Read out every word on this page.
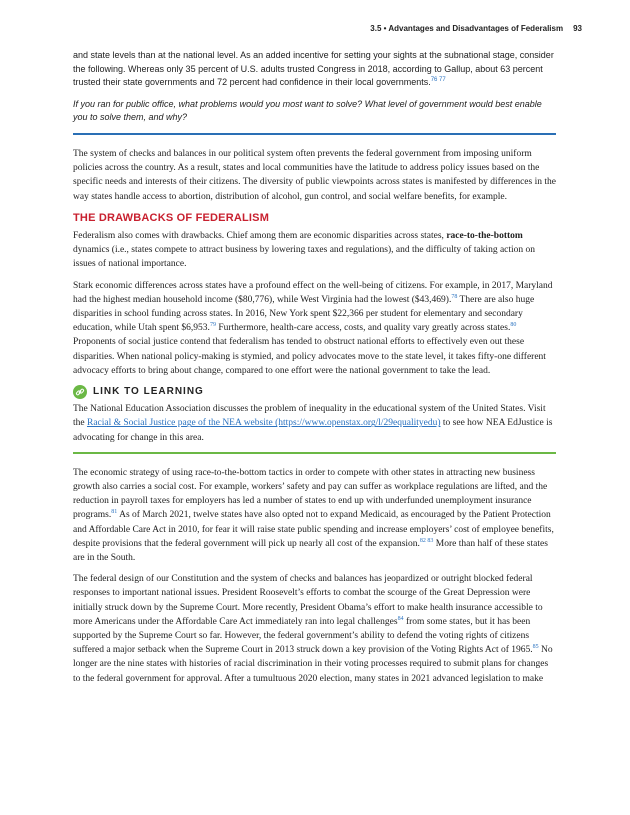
3.5 • Advantages and Disadvantages of Federalism 93

and state levels than at the national level. As an added incentive for setting your sights at the subnational stage, consider the following. Whereas only 35 percent of U.S. adults trusted Congress in 2018, according to Gallup, about 63 percent trusted their state governments and 72 percent had confidence in their local governments.$^{76 77}$

If you ran for public office, what problems would you most want to solve? What level of government would best enable you to solve them, and why?

The system of checks and balances in our political system often prevents the federal government from imposing uniform policies across the country. As a result, states and local communities have the latitude to address policy issues based on the specific needs and interests of their citizens. The diversity of public viewpoints across states is manifested by differences in the way states handle access to abortion, distribution of alcohol, gun control, and social welfare benefits, for example.

THE DRAWBACKS OF FEDERALISM

Federalism also comes with drawbacks. Chief among them are economic disparities across states, race-to-the-bottom dynamics (i.e., states compete to attract business by lowering taxes and regulations), and the difficulty of taking action on issues of national importance.

Stark economic differences across states have a profound effect on the well-being of citizens. For example, in 2017, Maryland had the highest median household income ($80,776), while West Virginia had the lowest ($43,469).$^{78}$ There are also huge disparities in school funding across states. In 2016, New York spent $22,366 per student for elementary and secondary education, while Utah spent $6,953.79 Furthermore, health-care access, costs, and quality vary greatly across states.$^{80}$ Proponents of social justice contend that federalism has tended to obstruct national efforts to effectively even out these disparities. When national policy-making is stymied, and policy advocates move to the state level, it takes fifty-one different advocacy efforts to bring about change, compared to one effort were the national government to take the lead.

LINK TO LEARNING

The National Education Association discusses the problem of inequality in the educational system of the United States. Visit the Racial & Social Justice page of the NEA website (https://www.openstax.org/l/29equalityedu) to see how NEA EdJustice is advocating for change in this area.

The economic strategy of using race-to-the-bottom tactics in order to compete with other states in attracting new business growth also carries a social cost. For example, workers’ safety and pay can suffer as workplace regulations are lifted, and the reduction in payroll taxes for employers has led a number of states to end up with underfunded unemployment insurance programs.$^{81}$ As of March 2021, twelve states have also opted not to expand Medicaid, as encouraged by the Patient Protection and Affordable Care Act in 2010, for fear it will raise state public spending and increase employers’ cost of employee benefits, despite provisions that the federal government will pick up nearly all cost of the expansion.$^{82 83}$ More than half of these states are in the South.

The federal design of our Constitution and the system of checks and balances has jeopardized or outright blocked federal responses to important national issues. President Roosevelt’s efforts to combat the scourge of the Great Depression were initially struck down by the Supreme Court. More recently, President Obama’s effort to make health insurance accessible to more Americans under the Affordable Care Act immediately ran into legal challenges$^{84}$ from some states, but it has been supported by the Supreme Court so far. However, the federal government’s ability to defend the voting rights of citizens suffered a major setback when the Supreme Court in 2013 struck down a key provision of the Voting Rights Act of 1965.85 No longer are the nine states with histories of racial discrimination in their voting processes required to submit plans for changes to the federal government for approval. After a tumultuous 2020 election, many states in 2021 advanced legislation to make
